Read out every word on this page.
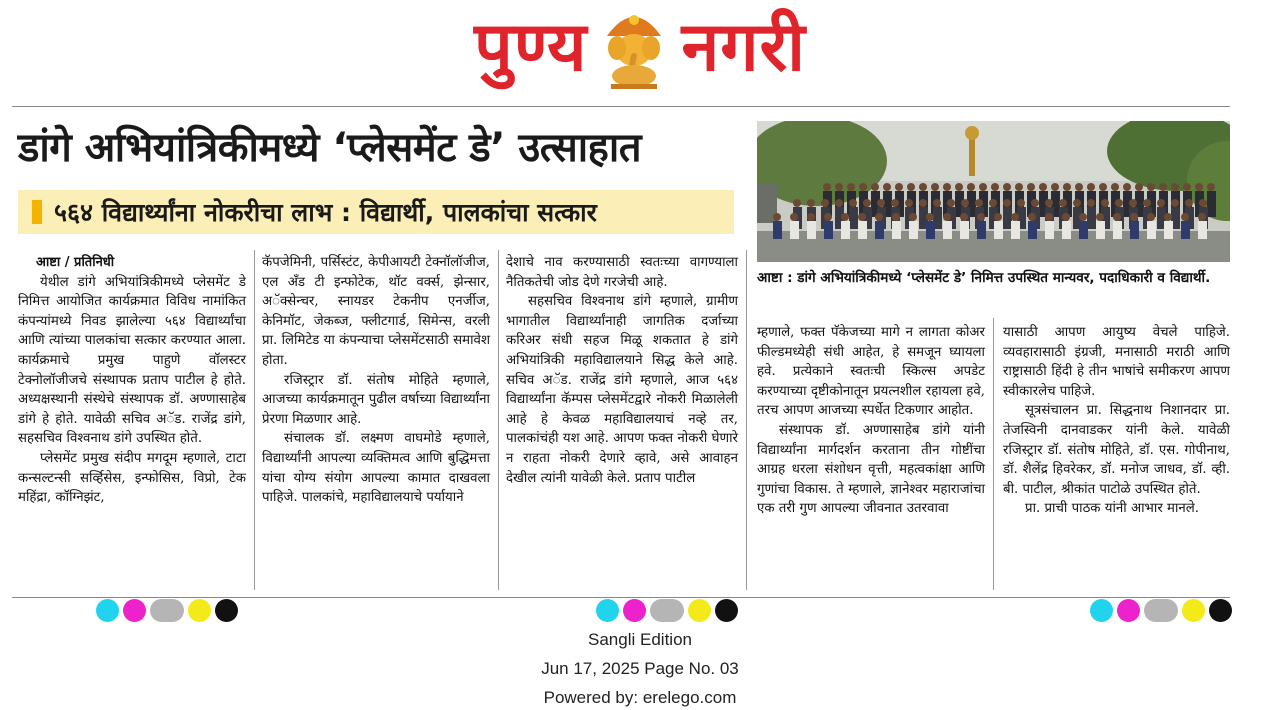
पुण्य नगरी
डांगे अभियांत्रिकीमध्ये ‘प्लेसमेंट डे’ उत्साहात
५६४ विद्यार्थ्यांना नोकरीचा लाभ : विद्यार्थी, पालकांचा सत्कार
आष्टा : डांगे अभियांत्रिकीमध्ये ‘प्लेसमेंट डे’ निमित्त उपस्थित मान्यवर, पदाधिकारी व विद्यार्थी.

आष्टा / प्रतिनिधी

येथील डांगे अभियांत्रिकीमध्ये प्लेसमेंट डे निमित्त आयोजित कार्यक्रमात विविध नामांकित कंपन्यांमध्ये निवड झालेल्या ५६४ विद्यार्थ्यांचा आणि त्यांच्या पालकांचा सत्कार करण्यात आला. कार्यक्रमाचे प्रमुख पाहुणे वॉलस्टर टेक्नोलॉजीजचे संस्थापक प्रताप पाटील हे होते. अध्यक्षस्थानी संस्थेचे संस्थापक डॉ. अण्णासाहेब डांगे हे होते. यावेळी सचिव अॅड. राजेंद्र डांगे, सहसचिव विश्वनाथ डांगे उपस्थित होते.

प्लेसमेंट प्रमुख संदीप मगदूम म्हणाले, टाटा कन्सल्टन्सी सर्व्हिसेस, इन्फोसिस, विप्रो, टेक महिंद्रा, कॉग्निझंट,

कॅपजेमिनी, पर्सिस्टंट, केपीआयटी टेक्नॉलॉजीज, एल अँड टी इन्फोटेक, थॉट वर्क्स, झेन्सार, अॅक्सेन्चर, स्नायडर टेकनीप एनर्जीज, केनिमॉट, जेकब्ज, फ्लीटगार्ड, सिमेन्स, वरली प्रा. लिमिटेड या कंपन्याचा प्लेसमेंटसाठी समावेश होता.

रजिस्ट्रार डॉ. संतोष मोहिते म्हणाले, आजच्या कार्यक्रमातून पुढील वर्षाच्या विद्यार्थ्यांना प्रेरणा मिळणार आहे.

संचालक डॉ. लक्ष्मण वाघमोडे म्हणाले, विद्यार्थ्यांनी आपल्या व्यक्तिमत्व आणि बुद्धिमत्ता यांचा योग्य संयोग आपल्या कामात दाखवला पाहिजे. पालकांचे, महाविद्यालयाचे पर्यायाने

देशाचे नाव करण्यासाठी स्वतःच्या वागण्याला नैतिकतेची जोड देणे गरजेची आहे.

सहसचिव विश्वनाथ डांगे म्हणाले, ग्रामीण भागातील विद्यार्थ्यांनाही जागतिक दर्जाच्या करिअर संधी सहज मिळू शकतात हे डांगे अभियांत्रिकी महाविद्यालयाने सिद्ध केले आहे. सचिव अॅड. राजेंद्र डांगे म्हणाले, आज ५६४ विद्यार्थ्यांना कॅम्पस प्लेसमेंटद्वारे नोकरी मिळालेली आहे हे केवळ महाविद्यालयाचं नव्हे तर, पालकांचंही यश आहे. आपण फक्त नोकरी घेणारे न राहता नोकरी देणारे व्हावे, असे आवाहन देखील त्यांनी यावेळी केले. प्रताप पाटील

म्हणाले, फक्त पॅकेजच्या मागे न लागता कोअर फील्डमध्येही संधी आहेत, हे समजून घ्यायला हवे. प्रत्येकाने स्वतःची स्किल्स अपडेट करण्याच्या दृष्टीकोनातून प्रयत्नशील रहायला हवे, तरच आपण आजच्या स्पर्धेत टिकणार आहोत.

संस्थापक डॉ. अण्णासाहेब डांगे यांनी विद्यार्थ्यांना मार्गदर्शन करताना तीन गोष्टींचा आग्रह धरला संशोधन वृत्ती, महत्वकांक्षा आणि गुणांचा विकास. ते म्हणाले, ज्ञानेश्वर महाराजांचा एक तरी गुण आपल्या जीवनात उतरवावा

यासाठी आपण आयुष्य वेचले पाहिजे. व्यवहारासाठी इंग्रजी, मनासाठी मराठी आणि राष्ट्रासाठी हिंदी हे तीन भाषांचे समीकरण आपण स्वीकारलेच पाहिजे.

सूत्रसंचालन प्रा. सिद्धनाथ निशानदार प्रा. तेजस्विनी दानवाडकर यांनी केले. यावेळी रजिस्ट्रार डॉ. संतोष मोहिते, डॉ. एस. गोपीनाथ, डॉ. शैलेंद्र हिवरेकर, डॉ. मनोज जाधव, डॉ. व्ही. बी. पाटील, श्रीकांत पाटोळे उपस्थित होते.

प्रा. प्राची पाठक यांनी आभार मानले.

Sangli Edition
Jun 17, 2025 Page No. 03
Powered by: erelego.com
